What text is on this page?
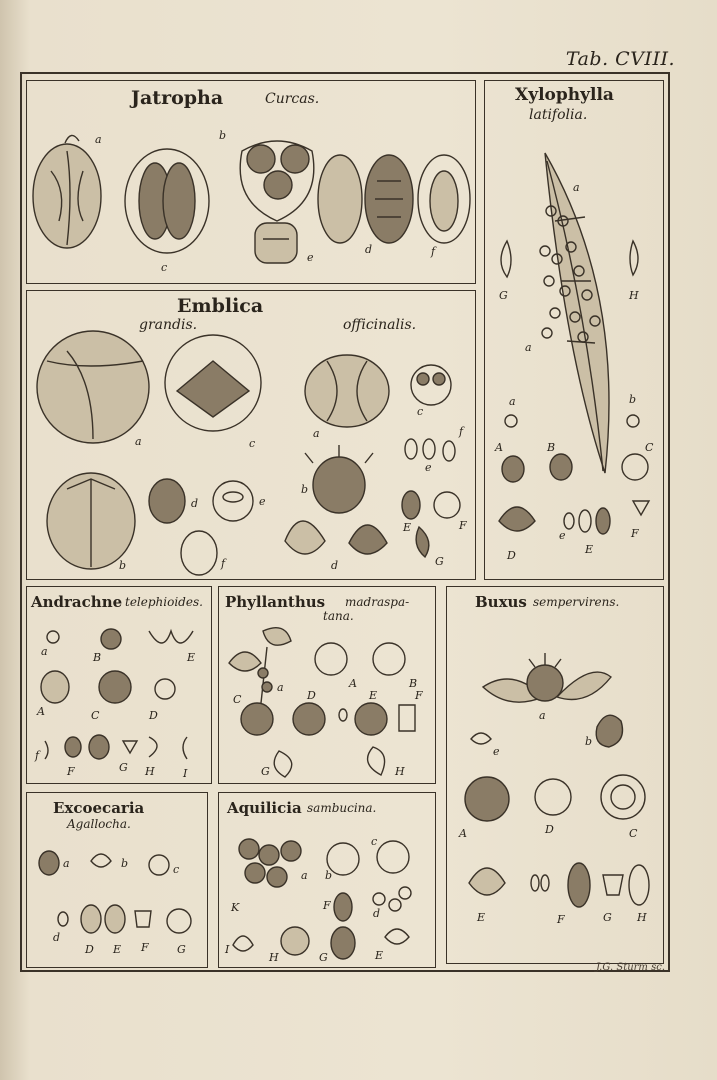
Tab. CVIII.
Jatropha	Curcas.
a	b
c
d
e	f
Xylophylla
latifolia.
a
a
G	H
a	b
A	B	C
D
e
E
F
Emblica
grandis.	officinalis.
a	c
a
c
b
d	e
f
b
e
f
d
E	F
G
Andrachne telephioides.
a	B	E
A	C	D
f
F	G H	I
Phyllanthus madraspa-
tana.
a	A	B
C	D	E	F
G	H
Buxus sempervirens.
a
b
e
A	D	C
E	F	G H
Excoecaria
Agallocha.
a	b	c
d
D E F	G
Aquilicia sambucina.
a b
c
K	F
d
I
H	G	E
J.G. Sturm sc.
